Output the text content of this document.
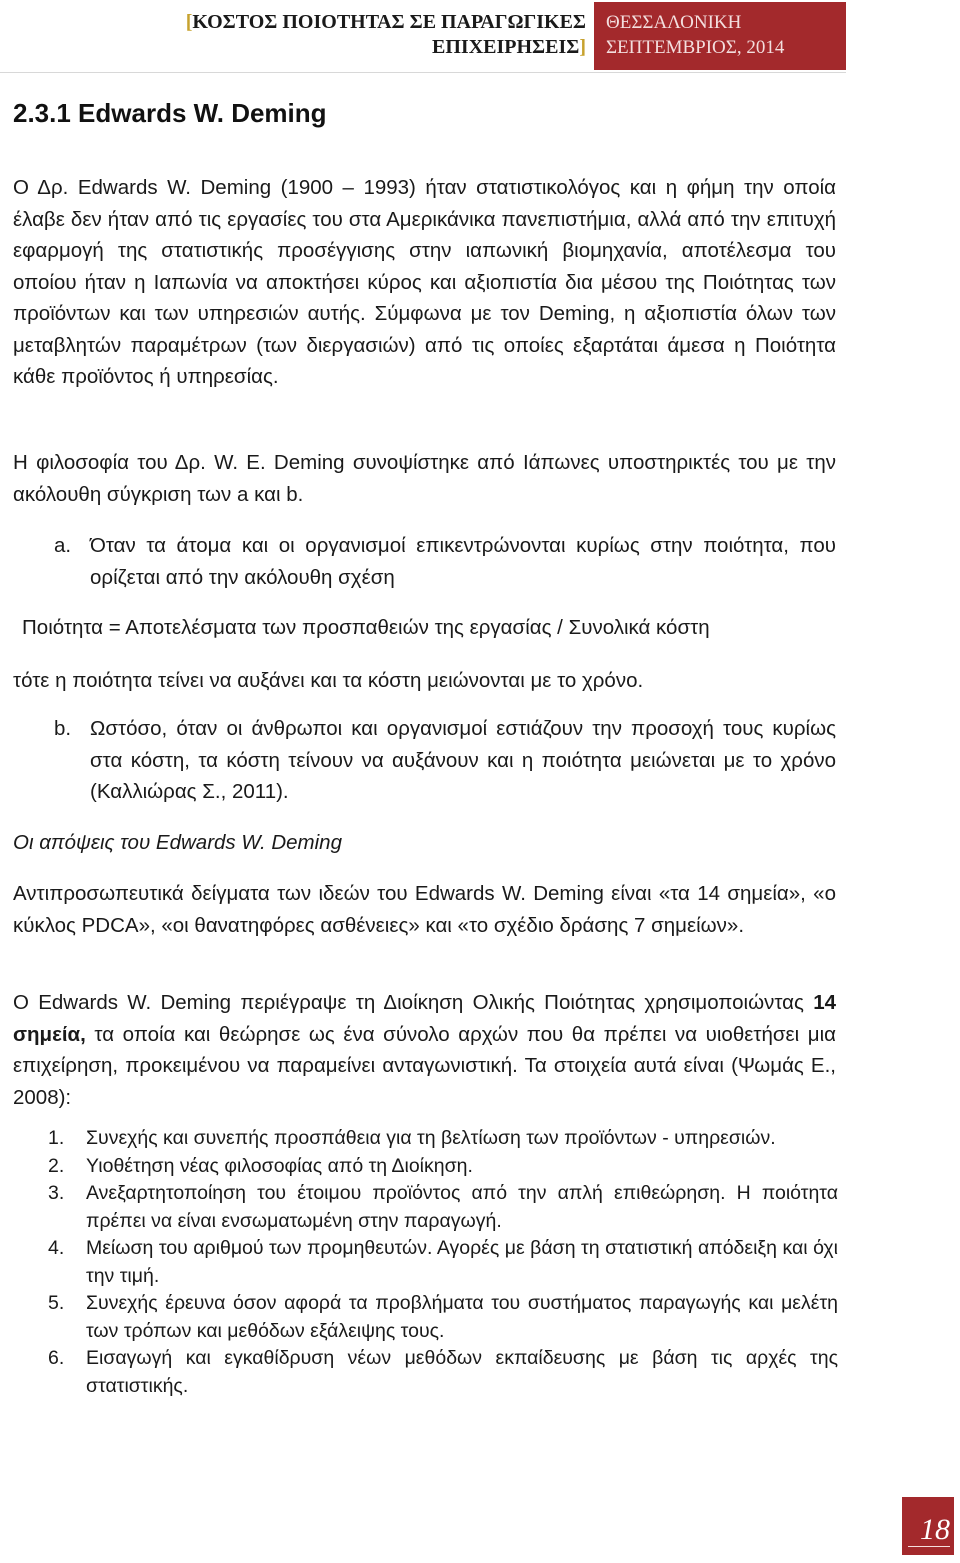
[ΚΟΣΤΟΣ ΠΟΙΟΤΗΤΑΣ ΣΕ ΠΑΡΑΓΩΓΙΚΕΣ
ΕΠΙΧΕΙΡΗΣΕΙΣ]
ΘΕΣΣΑΛΟΝΙΚΗ
ΣΕΠΤΕΜΒΡΙΟΣ, 2014
2.3.1 Edwards W. Deming

Ο Δρ. Edwards W. Deming (1900 – 1993) ήταν στατιστικολόγος και η φήμη την οποία έλαβε δεν ήταν από τις εργασίες του στα Αμερικάνικα πανεπιστήμια, αλλά από την επιτυχή εφαρμογή της στατιστικής προσέγγισης στην ιαπωνική βιομηχανία, αποτέλεσμα του οποίου ήταν η Ιαπωνία να αποκτήσει κύρος και αξιοπιστία δια μέσου της Ποιότητας των προϊόντων και των υπηρεσιών αυτής. Σύμφωνα με τον Deming, η αξιοπιστία όλων των μεταβλητών παραμέτρων (των διεργασιών) από τις οποίες εξαρτάται άμεσα η Ποιότητα κάθε προϊόντος ή υπηρεσίας.

Η φιλοσοφία του Δρ. W. E. Deming συνοψίστηκε από Ιάπωνες υποστηρικτές του με την ακόλουθη σύγκριση των a και b.

a. Όταν τα άτομα και οι οργανισμοί επικεντρώνονται κυρίως στην ποιότητα, που ορίζεται από την ακόλουθη σχέση

Ποιότητα = Αποτελέσματα των προσπαθειών της εργασίας / Συνολικά κόστη

τότε η ποιότητα τείνει να αυξάνει και τα κόστη μειώνονται με το χρόνο.

b. Ωστόσο, όταν οι άνθρωποι και οργανισμοί εστιάζουν την προσοχή τους κυρίως στα κόστη, τα κόστη τείνουν να αυξάνουν και η ποιότητα μειώνεται με το χρόνο (Καλλιώρας Σ., 2011).

Οι απόψεις του Edwards W. Deming

Αντιπροσωπευτικά δείγματα των ιδεών του Edwards W. Deming είναι «τα 14 σημεία», «ο κύκλος PDCA», «οι θανατηφόρες ασθένειες» και «το σχέδιο δράσης 7 σημείων».

Ο Edwards W. Deming περιέγραψε τη Διοίκηση Ολικής Ποιότητας χρησιμοποιώντας 14 σημεία, τα οποία και θεώρησε ως ένα σύνολο αρχών που θα πρέπει να υιοθετήσει μια επιχείρηση, προκειμένου να παραμείνει ανταγωνιστική. Τα στοιχεία αυτά είναι (Ψωμάς Ε., 2008):

1. Συνεχής και συνεπής προσπάθεια για τη βελτίωση των προϊόντων - υπηρεσιών.
2. Υιοθέτηση νέας φιλοσοφίας από τη Διοίκηση.
3. Ανεξαρτητοποίηση του έτοιμου προϊόντος από την απλή επιθεώρηση. Η ποιότητα πρέπει να είναι ενσωματωμένη στην παραγωγή.
4. Μείωση του αριθμού των προμηθευτών. Αγορές με βάση τη στατιστική απόδειξη και όχι την τιμή.
5. Συνεχής έρευνα όσον αφορά τα προβλήματα του συστήματος παραγωγής και μελέτη των τρόπων και μεθόδων εξάλειψης τους.
6. Εισαγωγή και εγκαθίδρυση νέων μεθόδων εκπαίδευσης με βάση τις αρχές της στατιστικής.
18
